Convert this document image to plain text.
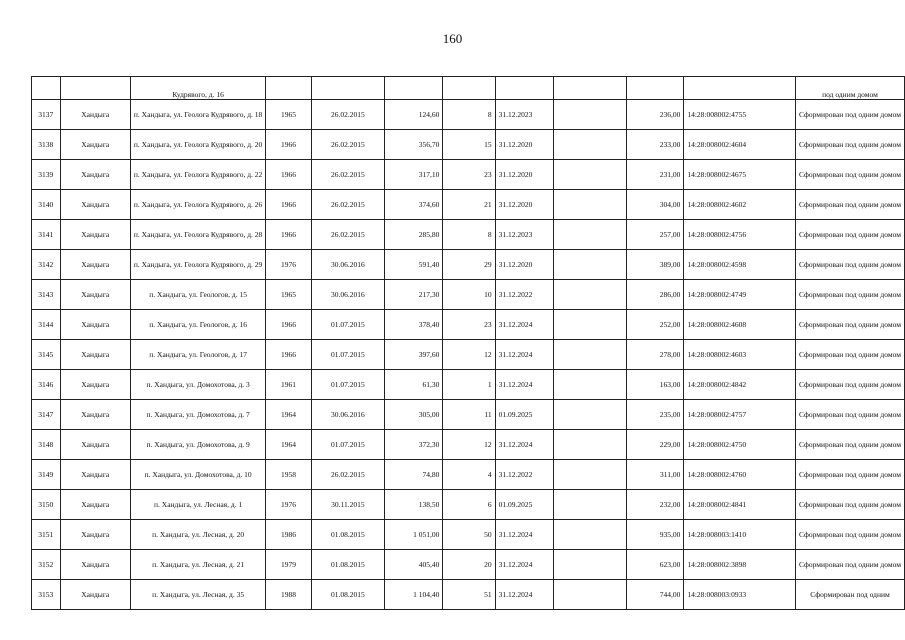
160
		Кудрявого, д. 16									под одним домом
3137	Хандыга	п. Хандыга, ул. Геолога Кудрявого, д. 18	1965	26.02.2015	124,60	8	31.12.2023		236,00	14:28:008002:4755	Сформирован под одним домом
3138	Хандыга	п. Хандыга, ул. Геолога Кудрявого, д. 20	1966	26.02.2015	356,70	15	31.12.2020		233,00	14:28:008002:4604	Сформирован под одним домом
3139	Хандыга	п. Хандыга, ул. Геолога Кудрявого, д. 22	1966	26.02.2015	317,10	23	31.12.2020		231,00	14:28:008002:4675	Сформирован под одним домом
3140	Хандыга	п. Хандыга, ул. Геолога Кудрявого, д. 26	1966	26.02.2015	374,60	21	31.12.2020		304,00	14:28:008002:4602	Сформирован под одним домом
3141	Хандыга	п. Хандыга, ул. Геолога Кудрявого, д. 28	1966	26.02.2015	285,80	8	31.12.2023		257,00	14:28:008002:4756	Сформирован под одним домом
3142	Хандыга	п. Хандыга, ул. Геолога Кудрявого, д. 29	1976	30.06.2016	591,40	29	31.12.2020		389,00	14:28:008002:4598	Сформирован под одним домом
3143	Хандыга	п. Хандыга, ул. Геологов, д. 15	1965	30.06.2016	217,30	10	31.12.2022		286,00	14:28:008002:4749	Сформирован под одним домом
3144	Хандыга	п. Хандыга, ул. Геологов, д. 16	1966	01.07.2015	378,40	23	31.12.2024		252,00	14:28:008002:4608	Сформирован под одним домом
3145	Хандыга	п. Хандыга, ул. Геологов, д. 17	1966	01.07.2015	397,60	12	31.12.2024		278,00	14:28:008002:4603	Сформирован под одним домом
3146	Хандыга	п. Хандыга, ул. Домохотова, д. 3	1961	01.07.2015	61,30	1	31.12.2024		163,00	14:28:008002:4842	Сформирован под одним домом
3147	Хандыга	п. Хандыга, ул. Домохотова, д. 7	1964	30.06.2016	305,00	11	01.09.2025		235,00	14:28:008002:4757	Сформирован под одним домом
3148	Хандыга	п. Хандыга, ул. Домохотова, д. 9	1964	01.07.2015	372,30	12	31.12.2024		229,00	14:28:008002:4750	Сформирован под одним домом
3149	Хандыга	п. Хандыга, ул. Домохотова, д. 10	1958	26.02.2015	74,80	4	31.12.2022		311,00	14:28:008002:4760	Сформирован под одним домом
3150	Хандыга	п. Хандыга, ул. Лесная, д. 1	1976	30.11.2015	138,50	6	01.09.2025		232,00	14:28:008002:4841	Сформирован под одним домом
3151	Хандыга	п. Хандыга, ул. Лесная, д. 20	1986	01.08.2015	1 051,00	50	31.12.2024		935,00	14:28:008003:1410	Сформирован под одним домом
3152	Хандыга	п. Хандыга, ул. Лесная, д. 21	1979	01.08.2015	405,40	20	31.12.2024		623,00	14:28:008002:3898	Сформирован под одним домом
3153	Хандыга	п. Хандыга, ул. Лесная, д. 35	1988	01.08.2015	1 104,40	51	31.12.2024		744,00	14:28:008003:0933	Сформирован под одним
